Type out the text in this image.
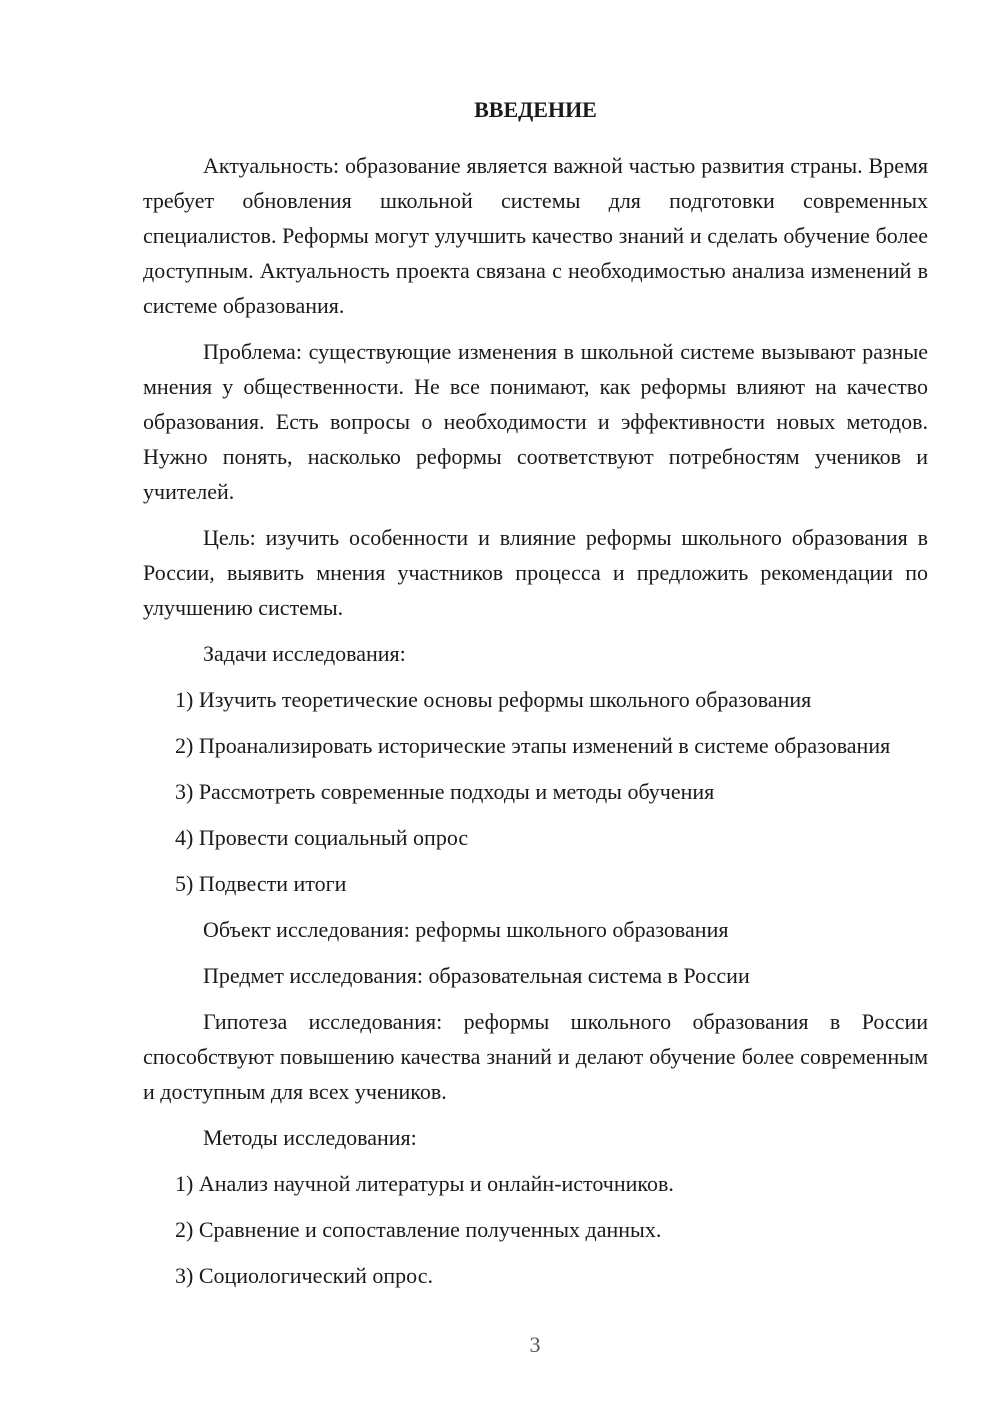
ВВЕДЕНИЕ

Актуальность: образование является важной частью развития страны. Время требует обновления школьной системы для подготовки современных специалистов. Реформы могут улучшить качество знаний и сделать обучение более доступным. Актуальность проекта связана с необходимостью анализа изменений в системе образования.

Проблема: существующие изменения в школьной системе вызывают разные мнения у общественности. Не все понимают, как реформы влияют на качество образования. Есть вопросы о необходимости и эффективности новых методов. Нужно понять, насколько реформы соответствуют потребностям учеников и учителей.

Цель: изучить особенности и влияние реформы школьного образования в России, выявить мнения участников процесса и предложить рекомендации по улучшению системы.

Задачи исследования:

1) Изучить теоретические основы реформы школьного образования

2) Проанализировать исторические этапы изменений в системе образования

3) Рассмотреть современные подходы и методы обучения

4) Провести социальный опрос

5) Подвести итоги

Объект исследования: реформы школьного образования

Предмет исследования: образовательная система в России

Гипотеза исследования: реформы школьного образования в России способствуют повышению качества знаний и делают обучение более современным и доступным для всех учеников.

Методы исследования:

1) Анализ научной литературы и онлайн-источников.

2) Сравнение и сопоставление полученных данных.

3) Социологический опрос.

3
